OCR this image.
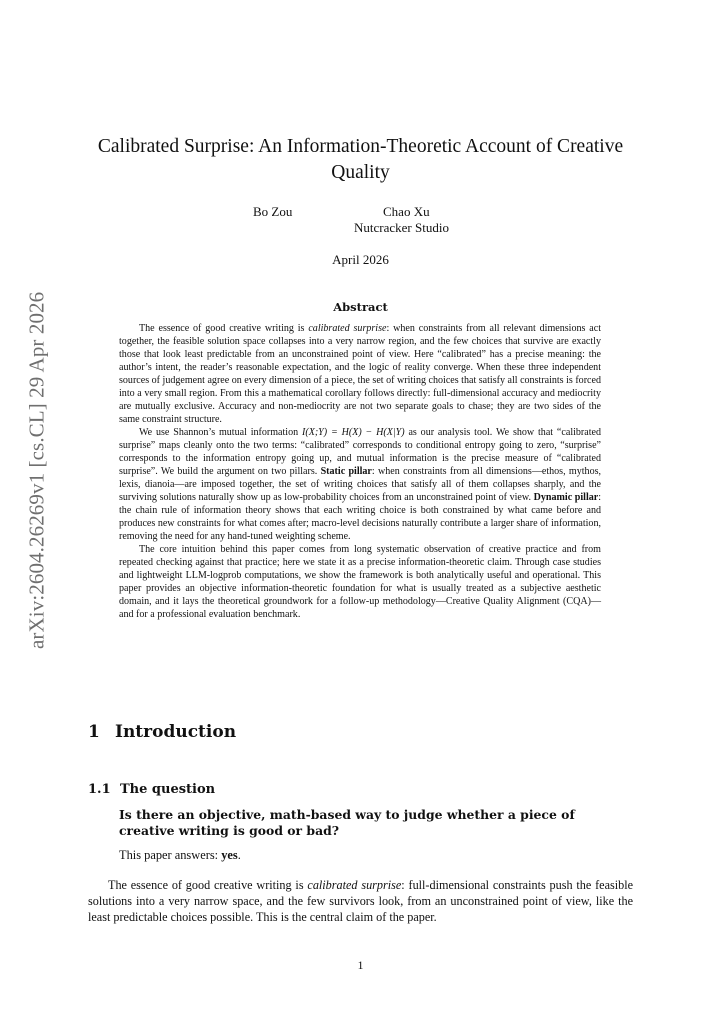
arXiv:2604.26269v1 [cs.CL] 29 Apr 2026
Calibrated Surprise: An Information-Theoretic Account of Creative Quality
Bo Zou	Chao Xu
Nutcracker Studio
April 2026
Abstract

The essence of good creative writing is calibrated surprise: when constraints from all relevant dimensions act together, the feasible solution space collapses into a very narrow region, and the few choices that survive are exactly those that look least predictable from an unconstrained point of view. Here “calibrated” has a precise meaning: the author’s intent, the reader’s reasonable expectation, and the logic of reality converge. When these three independent sources of judgement agree on every dimension of a piece, the set of writing choices that satisfy all constraints is forced into a very small region. From this a mathematical corollary follows directly: full-dimensional accuracy and mediocrity are mutually exclusive. Accuracy and non-mediocrity are not two separate goals to chase; they are two sides of the same constraint structure.

We use Shannon’s mutual information I(X;Y) = H(X) − H(X|Y) as our analysis tool. We show that “calibrated surprise” maps cleanly onto the two terms: “calibrated” corresponds to conditional entropy going to zero, “surprise” corresponds to the information entropy going up, and mutual information is the precise measure of “calibrated surprise”. We build the argument on two pillars. Static pillar: when constraints from all dimensions—ethos, mythos, lexis, dianoia—are imposed together, the set of writing choices that satisfy all of them collapses sharply, and the surviving solutions naturally show up as low-probability choices from an unconstrained point of view. Dynamic pillar: the chain rule of information theory shows that each writing choice is both constrained by what came before and produces new constraints for what comes after; macro-level decisions naturally contribute a larger share of information, removing the need for any hand-tuned weighting scheme.

The core intuition behind this paper comes from long systematic observation of creative practice and from repeated checking against that practice; here we state it as a precise information-theoretic claim. Through case studies and lightweight LLM-logprob computations, we show the framework is both analytically useful and operational. This paper provides an objective information-theoretic foundation for what is usually treated as a subjective aesthetic domain, and it lays the theoretical groundwork for a follow-up methodology—Creative Quality Alignment (CQA)—and for a professional evaluation benchmark.

1 Introduction
1.1 The question
Is there an objective, math-based way to judge whether a piece of creative writing is good or bad?
This paper answers: yes.

The essence of good creative writing is calibrated surprise: full-dimensional constraints push the feasible solutions into a very narrow space, and the few survivors look, from an unconstrained point of view, like the least predictable choices possible. This is the central claim of the paper.

1
